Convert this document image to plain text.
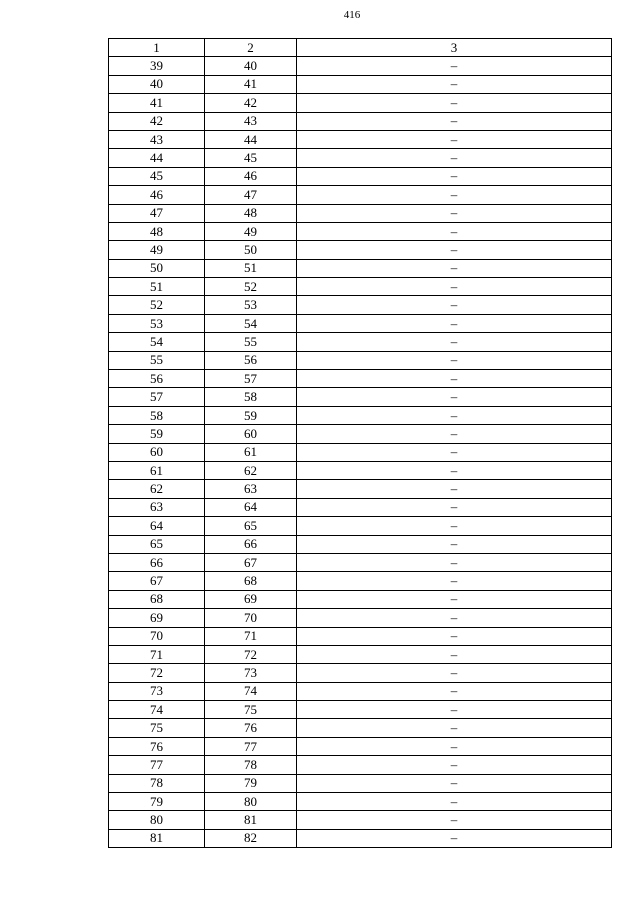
416
1	2	3
39	40	–
40	41	–
41	42	–
42	43	–
43	44	–
44	45	–
45	46	–
46	47	–
47	48	–
48	49	–
49	50	–
50	51	–
51	52	–
52	53	–
53	54	–
54	55	–
55	56	–
56	57	–
57	58	–
58	59	–
59	60	–
60	61	–
61	62	–
62	63	–
63	64	–
64	65	–
65	66	–
66	67	–
67	68	–
68	69	–
69	70	–
70	71	–
71	72	–
72	73	–
73	74	–
74	75	–
75	76	–
76	77	–
77	78	–
78	79	–
79	80	–
80	81	–
81	82	–
